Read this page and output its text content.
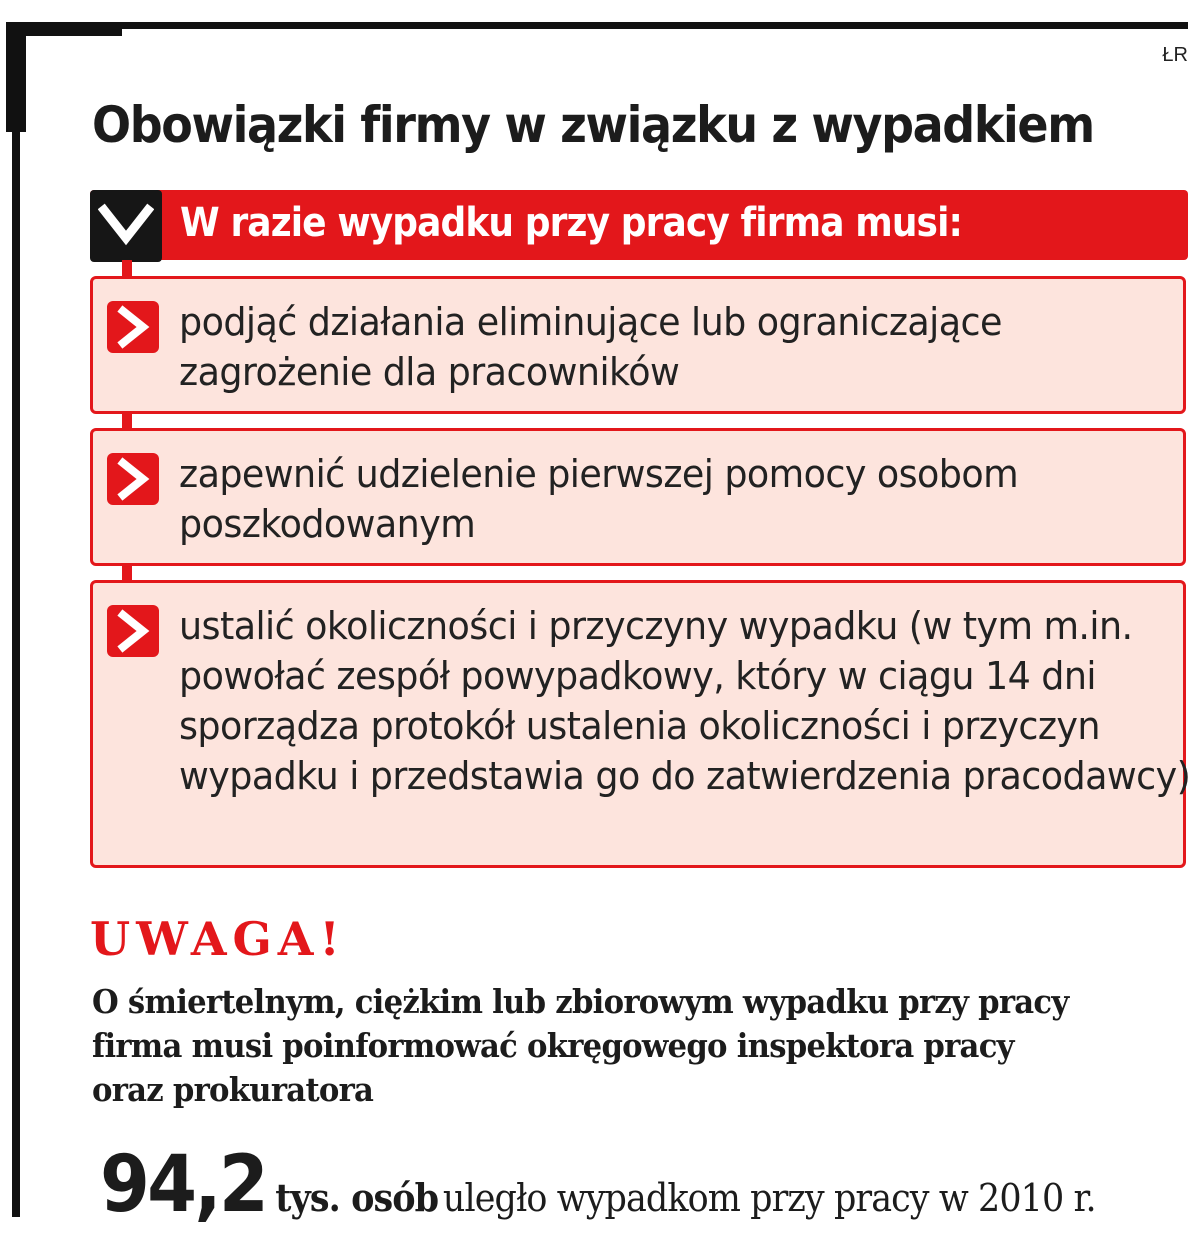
ŁR
Obowiązki firmy w związku z wypadkiem
W razie wypadku przy pracy firma musi:
podjąć działania eliminujące lub ograniczające zagrożenie dla pracowników
zapewnić udzielenie pierwszej pomocy osobom poszkodowanym
ustalić okoliczności i przyczyny wypadku (w tym m.in. powołać zespół powypadkowy, który w ciągu 14 dni sporządza protokół ustalenia okoliczności i przyczyn wypadku i przedstawia go do zatwierdzenia pracodawcy)
UWAGA!
O śmiertelnym, ciężkim lub zbiorowym wypadku przy pracy firma musi poinformować okręgowego inspektora pracy oraz prokuratora
94,2 tys. osób uległo wypadkom przy pracy w 2010 r.
